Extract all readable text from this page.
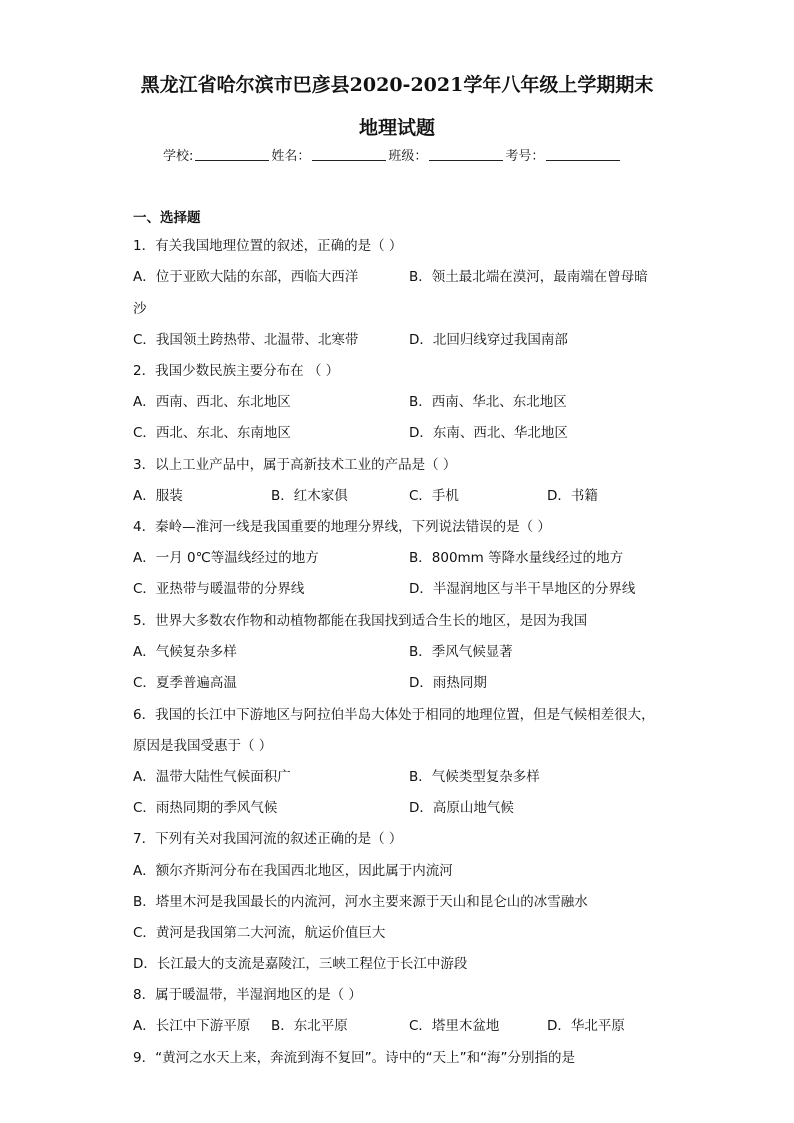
黑龙江省哈尔滨市巴彦县2020-2021学年八年级上学期期末
地理试题
学校:	姓名：	班级：	考号：
一、选择题
1．有关我国地理位置的叙述，正确的是（ ）
A．位于亚欧大陆的东部，西临大西洋	B．领土最北端在漠河，最南端在曾母暗
沙
C．我国领土跨热带、北温带、北寒带	D．北回归线穿过我国南部
2．我国少数民族主要分布在 （ ）
A．西南、西北、东北地区	B．西南、华北、东北地区
C．西北、东北、东南地区	D．东南、西北、华北地区
3．以上工业产品中，属于高新技术工业的产品是（ ）
A．服装	B．红木家俱	C．手机	D．书籍
4．秦岭—淮河一线是我国重要的地理分界线，下列说法错误的是（ ）
A．一月 0℃等温线经过的地方	B．800mm 等降水量线经过的地方
C．亚热带与暖温带的分界线	D．半湿润地区与半干旱地区的分界线
5．世界大多数农作物和动植物都能在我国找到适合生长的地区，是因为我国
A．气候复杂多样	B．季风气候显著
C．夏季普遍高温	D．雨热同期
6．我国的长江中下游地区与阿拉伯半岛大体处于相同的地理位置，但是气候相差很大，
原因是我国受惠于（ ）
A．温带大陆性气候面积广	B．气候类型复杂多样
C．雨热同期的季风气候	D．高原山地气候
7．下列有关对我国河流的叙述正确的是（ ）
A．额尔齐斯河分布在我国西北地区，因此属于内流河
B．塔里木河是我国最长的内流河，河水主要来源于天山和昆仑山的冰雪融水
C．黄河是我国第二大河流，航运价值巨大
D．长江最大的支流是嘉陵江，三峡工程位于长江中游段
8．属于暖温带，半湿润地区的是（ ）
A．长江中下游平原 B．东北平原	C．塔里木盆地	D．华北平原
9．“黄河之水天上来，奔流到海不复回”。诗中的“天上”和“海”分别指的是
